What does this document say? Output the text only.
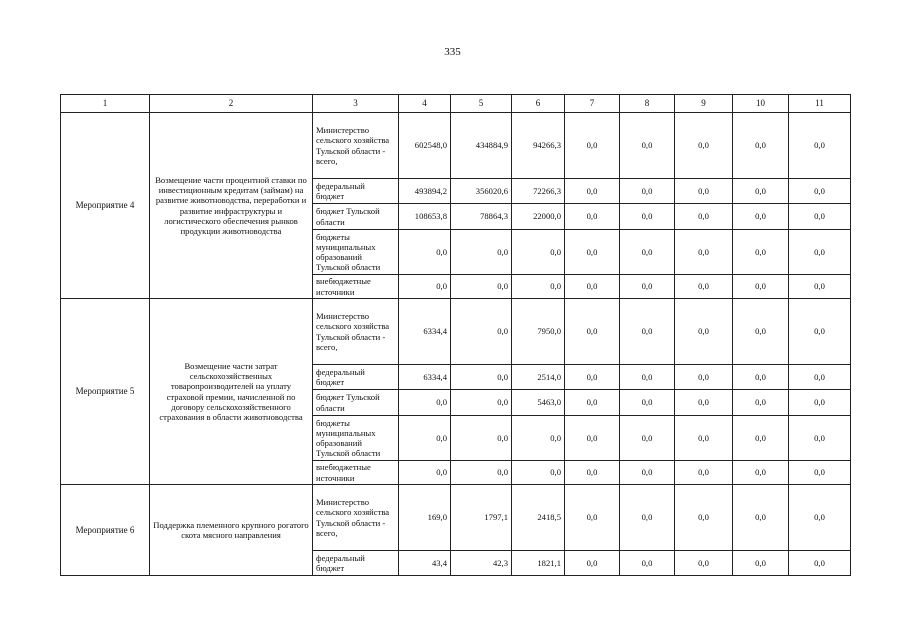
335
1	2	3	4	5	6	7	8	9	10	11
Мероприятие 4	Возмещение части процентной ставки по инвестиционным кредитам (займам) на развитие животноводства, переработки и развитие инфраструктуры и логистического обеспечения рынков продукции животноводства	Министерство сельского хозяйства Тульской области - всего,	602548,0	434884,9	94266,3	0,0	0,0	0,0	0,0	0,0
		федеральный бюджет	493894,2	356020,6	72266,3	0,0	0,0	0,0	0,0	0,0
		бюджет Тульской области	108653,8	78864,3	22000,0	0,0	0,0	0,0	0,0	0,0
		бюджеты муниципальных образований Тульской области	0,0	0,0	0,0	0,0	0,0	0,0	0,0	0,0
		внебюджетные источники	0,0	0,0	0,0	0,0	0,0	0,0	0,0	0,0
Мероприятие 5	Возмещение части затрат сельскохозяйственных товаропроизводителей на уплату страховой премии, начисленной по договору сельскохозяйственного страхования в области животноводства	Министерство сельского хозяйства Тульской области - всего,	6334,4	0,0	7950,0	0,0	0,0	0,0	0,0	0,0
		федеральный бюджет	6334,4	0,0	2514,0	0,0	0,0	0,0	0,0	0,0
		бюджет Тульской области	0,0	0,0	5463,0	0,0	0,0	0,0	0,0	0,0
		бюджеты муниципальных образований Тульской области	0,0	0,0	0,0	0,0	0,0	0,0	0,0	0,0
		внебюджетные источники	0,0	0,0	0,0	0,0	0,0	0,0	0,0	0,0
Мероприятие 6	Поддержка племенного крупного рогатого скота мясного направления	Министерство сельского хозяйства Тульской области - всего,	169,0	1797,1	2418,5	0,0	0,0	0,0	0,0	0,0
		федеральный бюджет	43,4	42,3	1821,1	0,0	0,0	0,0	0,0	0,0
